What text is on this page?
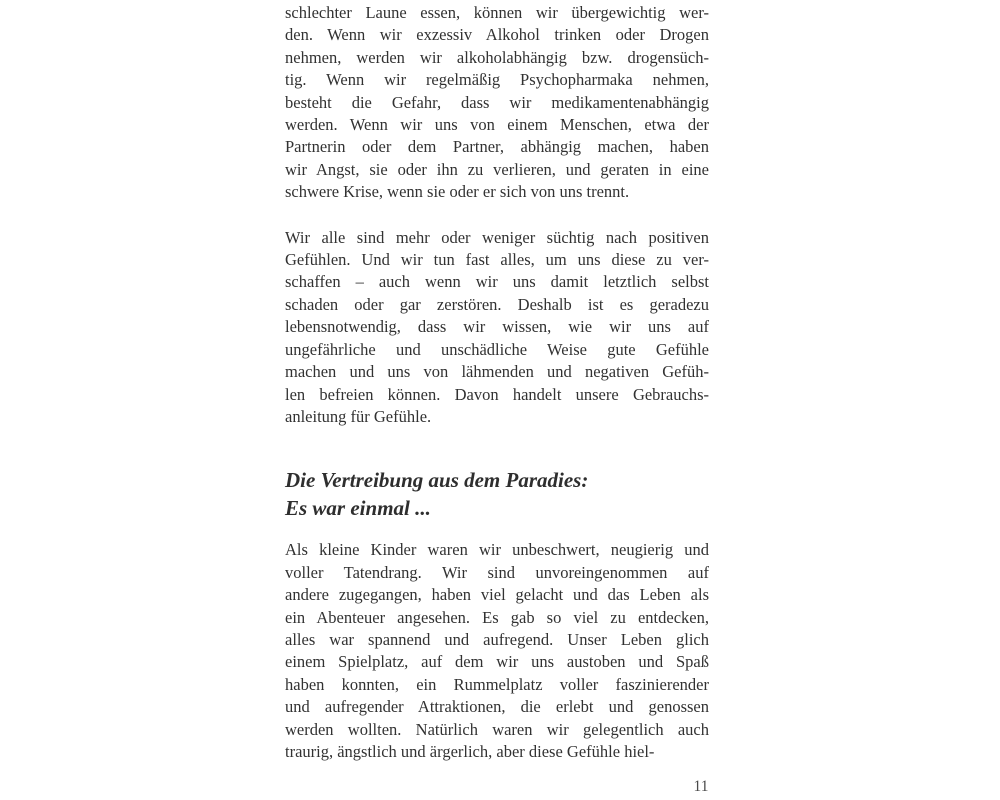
schlechter Laune essen, können wir übergewichtig wer-
den. Wenn wir exzessiv Alkohol trinken oder Drogen
nehmen, werden wir alkoholabhängig bzw. drogensüch-
tig. Wenn wir regelmäßig Psychopharmaka nehmen,
besteht die Gefahr, dass wir medikamentenabhängig
werden. Wenn wir uns von einem Menschen, etwa der
Partnerin oder dem Partner, abhängig machen, haben
wir Angst, sie oder ihn zu verlieren, und geraten in eine
schwere Krise, wenn sie oder er sich von uns trennt.
Wir alle sind mehr oder weniger süchtig nach positiven
Gefühlen. Und wir tun fast alles, um uns diese zu ver-
schaffen – auch wenn wir uns damit letztlich selbst
schaden oder gar zerstören. Deshalb ist es geradezu
lebensnotwendig, dass wir wissen, wie wir uns auf
ungefährliche und unschädliche Weise gute Gefühle
machen und uns von lähmenden und negativen Gefüh-
len befreien können. Davon handelt unsere Gebrauchs-
anleitung für Gefühle.
Die Vertreibung aus dem Paradies:
Es war einmal ...
Als kleine Kinder waren wir unbeschwert, neugierig und
voller Tatendrang. Wir sind unvoreingenommen auf
andere zugegangen, haben viel gelacht und das Leben als
ein Abenteuer angesehen. Es gab so viel zu entdecken,
alles war spannend und aufregend. Unser Leben glich
einem Spielplatz, auf dem wir uns austoben und Spaß
haben konnten, ein Rummelplatz voller faszinierender
und aufregender Attraktionen, die erlebt und genossen
werden wollten. Natürlich waren wir gelegentlich auch
traurig, ängstlich und ärgerlich, aber diese Gefühle hiel-
11
